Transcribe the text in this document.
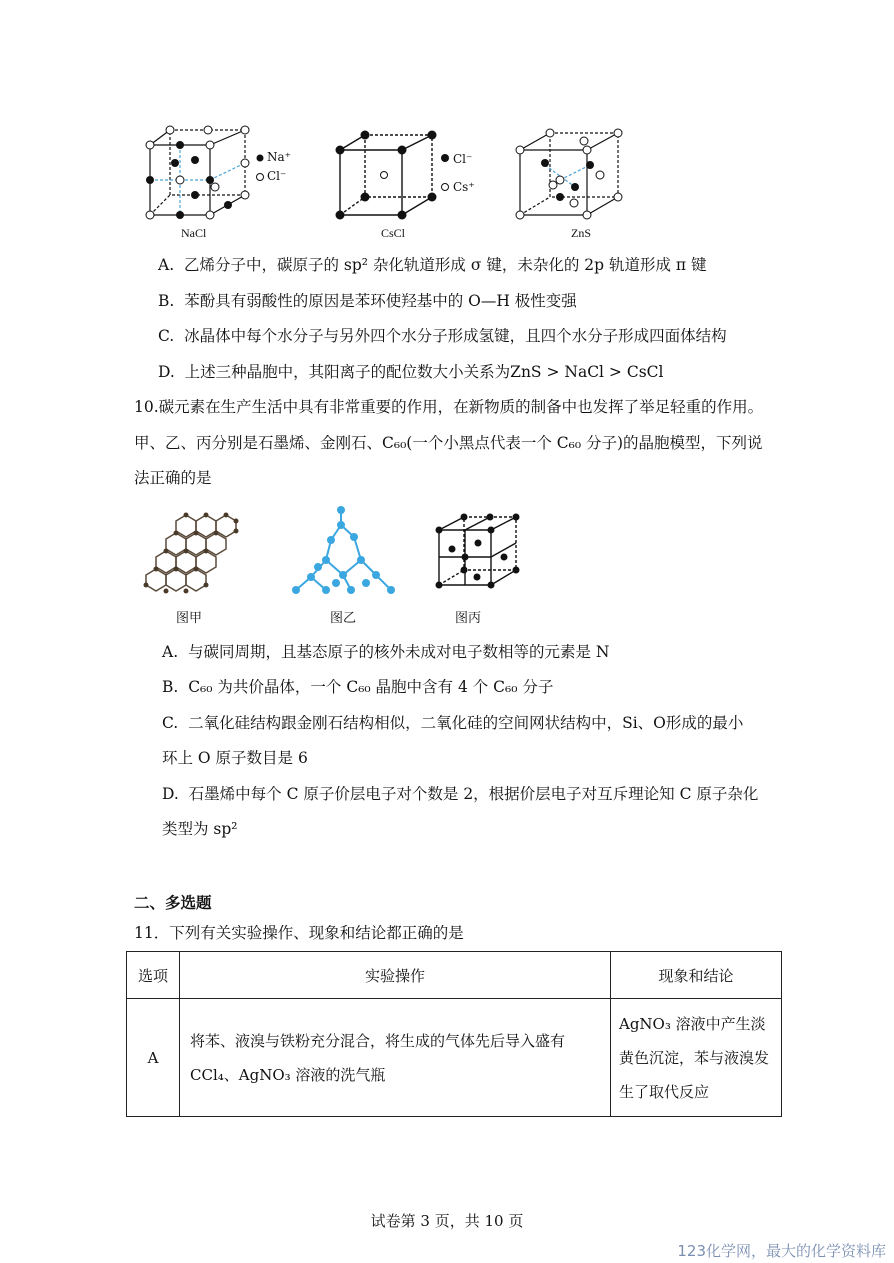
Na⁺
Cl⁻
Cl⁻
Cs⁺
NaCl	CsCl	ZnS
A. 乙烯分子中，碳原子的 sp² 杂化轨道形成 σ 键，未杂化的 2p 轨道形成 π 键
B. 苯酚具有弱酸性的原因是苯环使羟基中的 O—H 极性变强
C. 冰晶体中每个水分子与另外四个水分子形成氢键，且四个水分子形成四面体结构
D. 上述三种晶胞中，其阳离子的配位数大小关系为ZnS > NaCl > CsCl
10.碳元素在生产生活中具有非常重要的作用，在新物质的制备中也发挥了举足轻重的作用。
甲、乙、丙分别是石墨烯、金刚石、C₆₀(一个小黑点代表一个 C₆₀ 分子)的晶胞模型，下列说
法正确的是
图甲	图乙	图丙
A. 与碳同周期，且基态原子的核外未成对电子数相等的元素是 N
B. C₆₀ 为共价晶体，一个 C₆₀ 晶胞中含有 4 个 C₆₀ 分子
C. 二氧化硅结构跟金刚石结构相似，二氧化硅的空间网状结构中，Si、O形成的最小
环上 O 原子数目是 6
D. 石墨烯中每个 C 原子价层电子对个数是 2，根据价层电子对互斥理论知 C 原子杂化
类型为 sp²
二、多选题
11．下列有关实验操作、现象和结论都正确的是
选项	实验操作	现象和结论
A	将苯、液溴与铁粉充分混合，将生成的气体先后导入盛有 CCl₄、AgNO₃ 溶液的洗气瓶	AgNO₃ 溶液中产生淡黄色沉淀，苯与液溴发生了取代反应
试卷第 3 页，共 10 页
123化学网，最大的化学资料库
